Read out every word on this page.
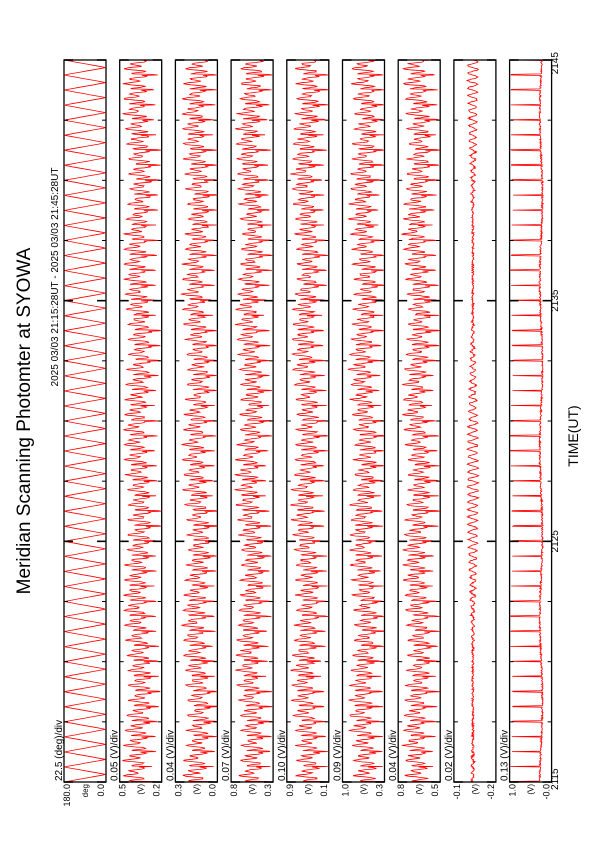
Meridian Scanning Photomter at SYOWA 2025 03/03 21:15:28UT - 2025 03/03 21:45:28UT
TIME(UT)
22.5 (deg)/div
180.0 deg 0.0
0.05 (V)/div
0.5 (V) 0.2
0.04 (V)/div
0.3 (V) 0.0
0.07 (V)/div
0.8 (V) 0.3
0.10 (V)/div
0.9 (V) 0.1
0.09 (V)/div
1.0 (V) 0.3
0.04 (V)/div
0.8 (V) 0.5
0.02 (V)/div
-0.1 (V) -0.2
0.13 (V)/div
1.0 (V) -0.0
2115
2125
2135
2145
